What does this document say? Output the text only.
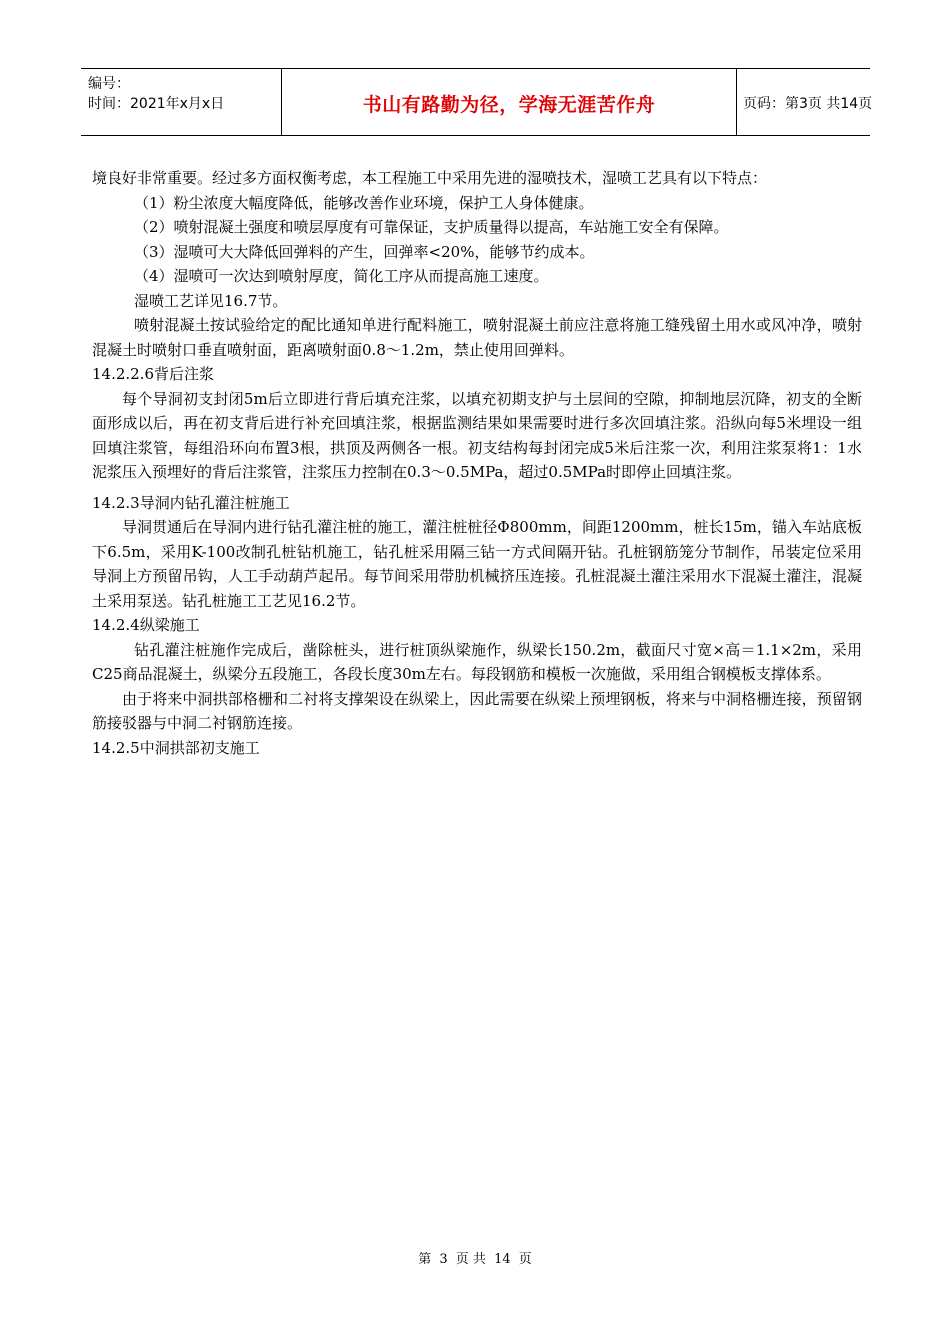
编号：
时间：2021年x月x日	书山有路勤为径，学海无涯苦作舟	页码：第3页 共14页

境良好非常重要。经过多方面权衡考虑，本工程施工中采用先进的湿喷技术，湿喷工艺具有以下特点：

（1）粉尘浓度大幅度降低，能够改善作业环境，保护工人身体健康。

（2）喷射混凝土强度和喷层厚度有可靠保证，支护质量得以提高，车站施工安全有保障。

（3）湿喷可大大降低回弹料的产生，回弹率<20%，能够节约成本。

（4）湿喷可一次达到喷射厚度，简化工序从而提高施工速度。

湿喷工艺详见16.7节。

喷射混凝土按试验给定的配比通知单进行配料施工，喷射混凝土前应注意将施工缝残留土用水或风冲净，喷射混凝土时喷射口垂直喷射面，距离喷射面0.8～1.2m，禁止使用回弹料。

14.2.2.6背后注浆

每个导洞初支封闭5m后立即进行背后填充注浆，以填充初期支护与土层间的空隙，抑制地层沉降，初支的全断面形成以后，再在初支背后进行补充回填注浆，根据监测结果如果需要时进行多次回填注浆。沿纵向每5米埋设一组回填注浆管，每组沿环向布置3根，拱顶及两侧各一根。初支结构每封闭完成5米后注浆一次，利用注浆泵将1：1水泥浆压入预埋好的背后注浆管，注浆压力控制在0.3～0.5MPa，超过0.5MPa时即停止回填注浆。

14.2.3导洞内钻孔灌注桩施工

导洞贯通后在导洞内进行钻孔灌注桩的施工，灌注桩桩径Φ800mm，间距1200mm，桩长15m，锚入车站底板下6.5m，采用K-100改制孔桩钻机施工，钻孔桩采用隔三钻一方式间隔开钻。孔桩钢筋笼分节制作，吊装定位采用导洞上方预留吊钩，人工手动葫芦起吊。每节间采用带肋机械挤压连接。孔桩混凝土灌注采用水下混凝土灌注，混凝土采用泵送。钻孔桩施工工艺见16.2节。

14.2.4纵梁施工

钻孔灌注桩施作完成后，凿除桩头，进行桩顶纵梁施作，纵梁长150.2m，截面尺寸宽×高＝1.1×2m，采用C25商品混凝土，纵梁分五段施工，各段长度30m左右。每段钢筋和模板一次施做，采用组合钢模板支撑体系。

由于将来中洞拱部格栅和二衬将支撑架设在纵梁上，因此需要在纵梁上预埋钢板，将来与中洞格栅连接，预留钢筋接驳器与中洞二衬钢筋连接。

14.2.5中洞拱部初支施工

第 3 页 共 14 页
